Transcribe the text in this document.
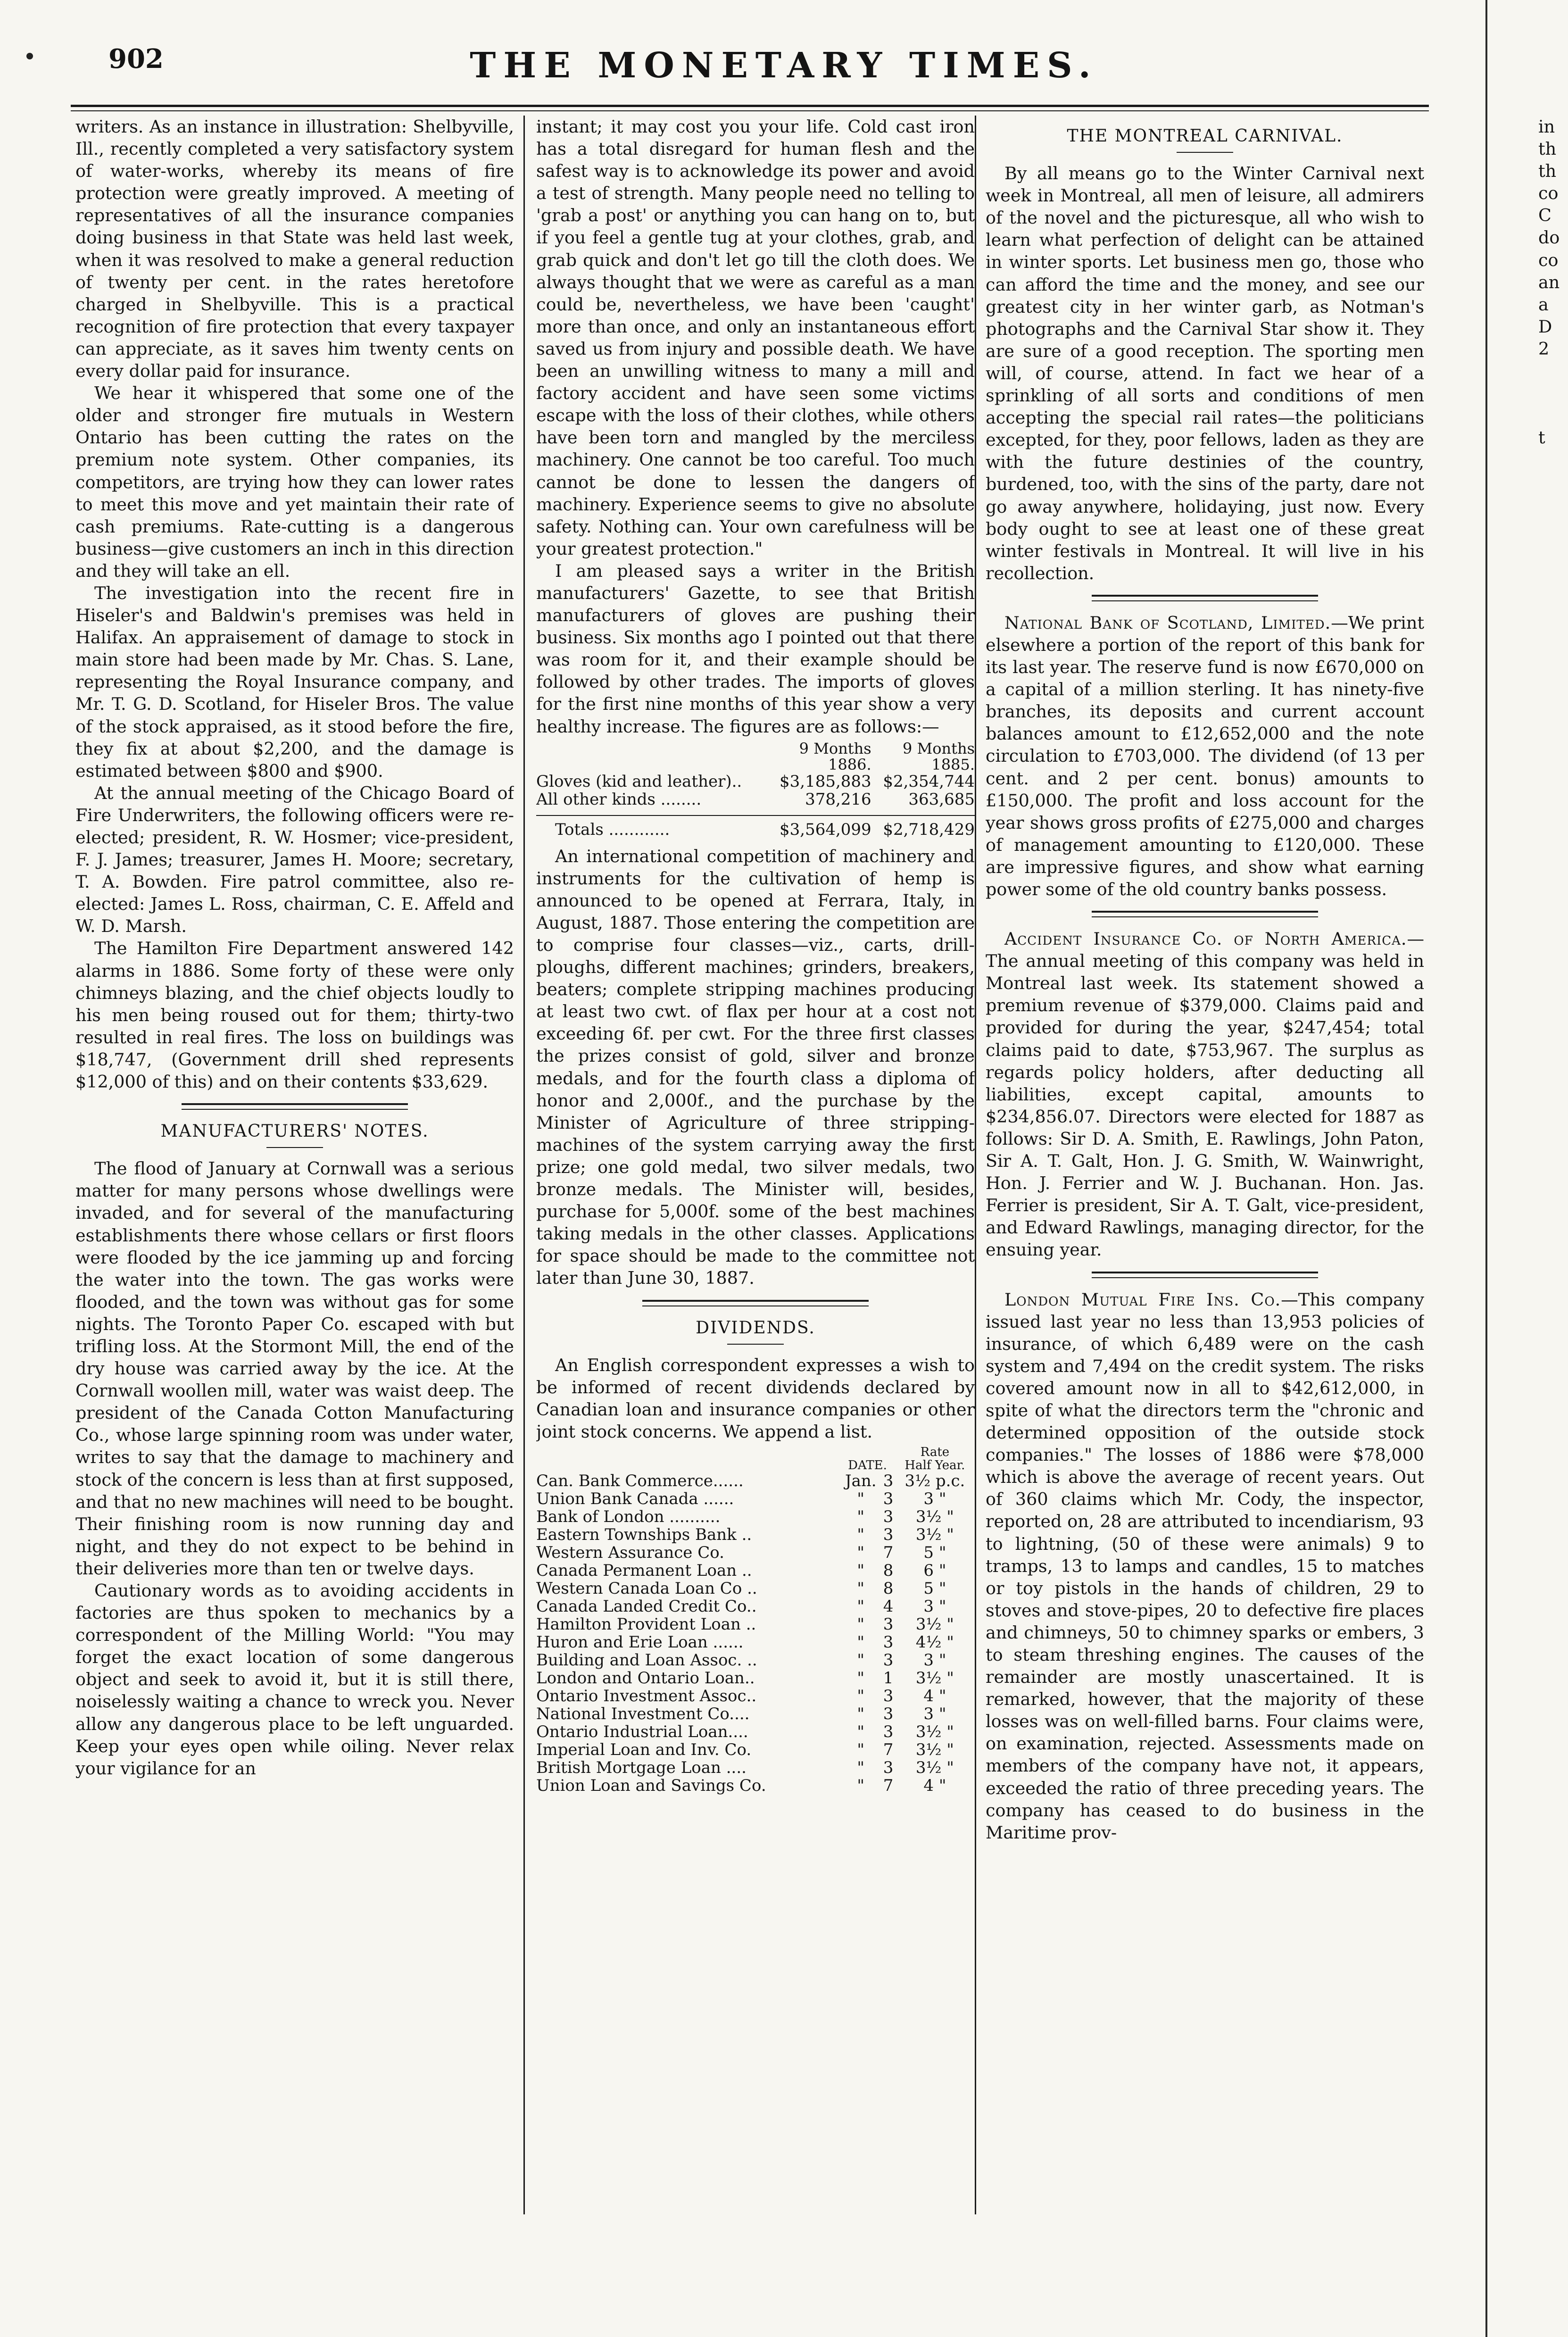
902	THE MONETARY TIMES.

writers. As an instance in illustration: Shelbyville, Ill., recently completed a very satisfactory system of water-works, whereby its means of fire protection were greatly improved. A meeting of representatives of all the insurance companies doing business in that State was held last week, when it was resolved to make a general reduction of twenty per cent. in the rates heretofore charged in Shelbyville. This is a practical recognition of fire protection that every taxpayer can appreciate, as it saves him twenty cents on every dollar paid for insurance.

We hear it whispered that some one of the older and stronger fire mutuals in Western Ontario has been cutting the rates on the premium note system. Other companies, its competitors, are trying how they can lower rates to meet this move and yet maintain their rate of cash premiums. Rate-cutting is a dangerous business—give customers an inch in this direction and they will take an ell.

The investigation into the recent fire in Hiseler's and Baldwin's premises was held in Halifax. An appraisement of damage to stock in main store had been made by Mr. Chas. S. Lane, representing the Royal Insurance company, and Mr. T. G. D. Scotland, for Hiseler Bros. The value of the stock appraised, as it stood before the fire, they fix at about $2,200, and the damage is estimated between $800 and $900.

At the annual meeting of the Chicago Board of Fire Underwriters, the following officers were re-elected; president, R. W. Hosmer; vice-president, F. J. James; treasurer, James H. Moore; secretary, T. A. Bowden. Fire patrol committee, also re-elected: James L. Ross, chairman, C. E. Affeld and W. D. Marsh.

The Hamilton Fire Department answered 142 alarms in 1886. Some forty of these were only chimneys blazing, and the chief objects loudly to his men being roused out for them; thirty-two resulted in real fires. The loss on buildings was $18,747, (Government drill shed represents $12,000 of this) and on their contents $33,629.

MANUFACTURERS' NOTES.

The flood of January at Cornwall was a serious matter for many persons whose dwellings were invaded, and for several of the manufacturing establishments there whose cellars or first floors were flooded by the ice jamming up and forcing the water into the town. The gas works were flooded, and the town was without gas for some nights. The Toronto Paper Co. escaped with but trifling loss. At the Stormont Mill, the end of the dry house was carried away by the ice. At the Cornwall woollen mill, water was waist deep. The president of the Canada Cotton Manufacturing Co., whose large spinning room was under water, writes to say that the damage to machinery and stock of the concern is less than at first supposed, and that no new machines will need to be bought. Their finishing room is now running day and night, and they do not expect to be behind in their deliveries more than ten or twelve days.

Cautionary words as to avoiding accidents in factories are thus spoken to mechanics by a correspondent of the Milling World: "You may forget the exact location of some dangerous object and seek to avoid it, but it is still there, noiselessly waiting a chance to wreck you. Never allow any dangerous place to be left unguarded. Keep your eyes open while oiling. Never relax your vigilance for an

instant; it may cost you your life. Cold cast iron has a total disregard for human flesh and the safest way is to acknowledge its power and avoid a test of strength. Many people need no telling to 'grab a post' or anything you can hang on to, but if you feel a gentle tug at your clothes, grab, and grab quick and don't let go till the cloth does. We always thought that we were as careful as a man could be, nevertheless, we have been 'caught' more than once, and only an instantaneous effort saved us from injury and possible death. We have been an unwilling witness to many a mill and factory accident and have seen some victims escape with the loss of their clothes, while others have been torn and mangled by the merciless machinery. One cannot be too careful. Too much cannot be done to lessen the dangers of machinery. Experience seems to give no absolute safety. Nothing can. Your own carefulness will be your greatest protection."

I am pleased says a writer in the British manufacturers' Gazette, to see that British manufacturers of gloves are pushing their business. Six months ago I pointed out that there was room for it, and their example should be followed by other trades. The imports of gloves for the first nine months of this year show a very healthy increase. The figures are as follows:—

	9 Months	9 Months
	1886.	1885.
Gloves (kid and leather)..	$3,185,883	$2,354,744
All other kinds ........	378,216	363,685

Totals ............	$3,564,099	$2,718,429

An international competition of machinery and instruments for the cultivation of hemp is announced to be opened at Ferrara, Italy, in August, 1887. Those entering the competition are to comprise four classes—viz., carts, drill-ploughs, different machines; grinders, breakers, beaters; complete stripping machines producing at least two cwt. of flax per hour at a cost not exceeding 6f. per cwt. For the three first classes the prizes consist of gold, silver and bronze medals, and for the fourth class a diploma of honor and 2,000f., and the purchase by the Minister of Agriculture of three stripping-machines of the system carrying away the first prize; one gold medal, two silver medals, two bronze medals. The Minister will, besides, purchase for 5,000f. some of the best machines taking medals in the other classes. Applications for space should be made to the committee not later than June 30, 1887.

DIVIDENDS.

An English correspondent expresses a wish to be informed of recent dividends declared by Canadian loan and insurance companies or other joint stock concerns. We append a list.

	DATE.		Rate
Half Year.
Can. Bank Commerce......	Jan.	3	3½ p.c.
Union Bank Canada ......	"	3	3 "
Bank of London ..........	"	3	3½ "
Eastern Townships Bank ..	"	3	3½ "
Western Assurance Co.	"	7	5 "
Canada Permanent Loan ..	"	8	6 "
Western Canada Loan Co ..	"	8	5 "
Canada Landed Credit Co..	"	4	3 "
Hamilton Provident Loan ..	"	3	3½ "
Huron and Erie Loan ......	"	3	4½ "
Building and Loan Assoc. ..	"	3	3 "
London and Ontario Loan..	"	1	3½ "
Ontario Investment Assoc..	"	3	4 "
National Investment Co....	"	3	3 "
Ontario Industrial Loan....	"	3	3½ "
Imperial Loan and Inv. Co.	"	7	3½ "
British Mortgage Loan ....	"	3	3½ "
Union Loan and Savings Co.	"	7	4 "
THE MONTREAL CARNIVAL.

By all means go to the Winter Carnival next week in Montreal, all men of leisure, all admirers of the novel and the picturesque, all who wish to learn what perfection of delight can be attained in winter sports. Let business men go, those who can afford the time and the money, and see our greatest city in her winter garb, as Notman's photographs and the Carnival Star show it. They are sure of a good reception. The sporting men will, of course, attend. In fact we hear of a sprinkling of all sorts and conditions of men accepting the special rail rates—the politicians excepted, for they, poor fellows, laden as they are with the future destinies of the country, burdened, too, with the sins of the party, dare not go away anywhere, holidaying, just now. Every body ought to see at least one of these great winter festivals in Montreal. It will live in his recollection.

National Bank of Scotland, Limited.—We print elsewhere a portion of the report of this bank for its last year. The reserve fund is now £670,000 on a capital of a million sterling. It has ninety-five branches, its deposits and current account balances amount to £12,652,000 and the note circulation to £703,000. The dividend (of 13 per cent. and 2 per cent. bonus) amounts to £150,000. The profit and loss account for the year shows gross profits of £275,000 and charges of management amounting to £120,000. These are impressive figures, and show what earning power some of the old country banks possess.

Accident Insurance Co. of North America.—The annual meeting of this company was held in Montreal last week. Its statement showed a premium revenue of $379,000. Claims paid and provided for during the year, $247,454; total claims paid to date, $753,967. The surplus as regards policy holders, after deducting all liabilities, except capital, amounts to $234,856.07. Directors were elected for 1887 as follows: Sir D. A. Smith, E. Rawlings, John Paton, Sir A. T. Galt, Hon. J. G. Smith, W. Wainwright, Hon. J. Ferrier and W. J. Buchanan. Hon. Jas. Ferrier is president, Sir A. T. Galt, vice-president, and Edward Rawlings, managing director, for the ensuing year.

London Mutual Fire Ins. Co.—This company issued last year no less than 13,953 policies of insurance, of which 6,489 were on the cash system and 7,494 on the credit system. The risks covered amount now in all to $42,612,000, in spite of what the directors term the "chronic and determined opposition of the outside stock companies." The losses of 1886 were $78,000 which is above the average of recent years. Out of 360 claims which Mr. Cody, the inspector, reported on, 28 are attributed to incendiarism, 93 to lightning, (50 of these were animals) 9 to tramps, 13 to lamps and candles, 15 to matches or toy pistols in the hands of children, 29 to stoves and stove-pipes, 20 to defective fire places and chimneys, 50 to chimney sparks or embers, 3 to steam threshing engines. The causes of the remainder are mostly unascertained. It is remarked, however, that the majority of these losses was on well-filled barns. Four claims were, on examination, rejected. Assessments made on members of the company have not, it appears, exceeded the ratio of three preceding years. The company has ceased to do business in the Maritime prov-

in
th
th
co
C
do
co
an
a
D
2
t
